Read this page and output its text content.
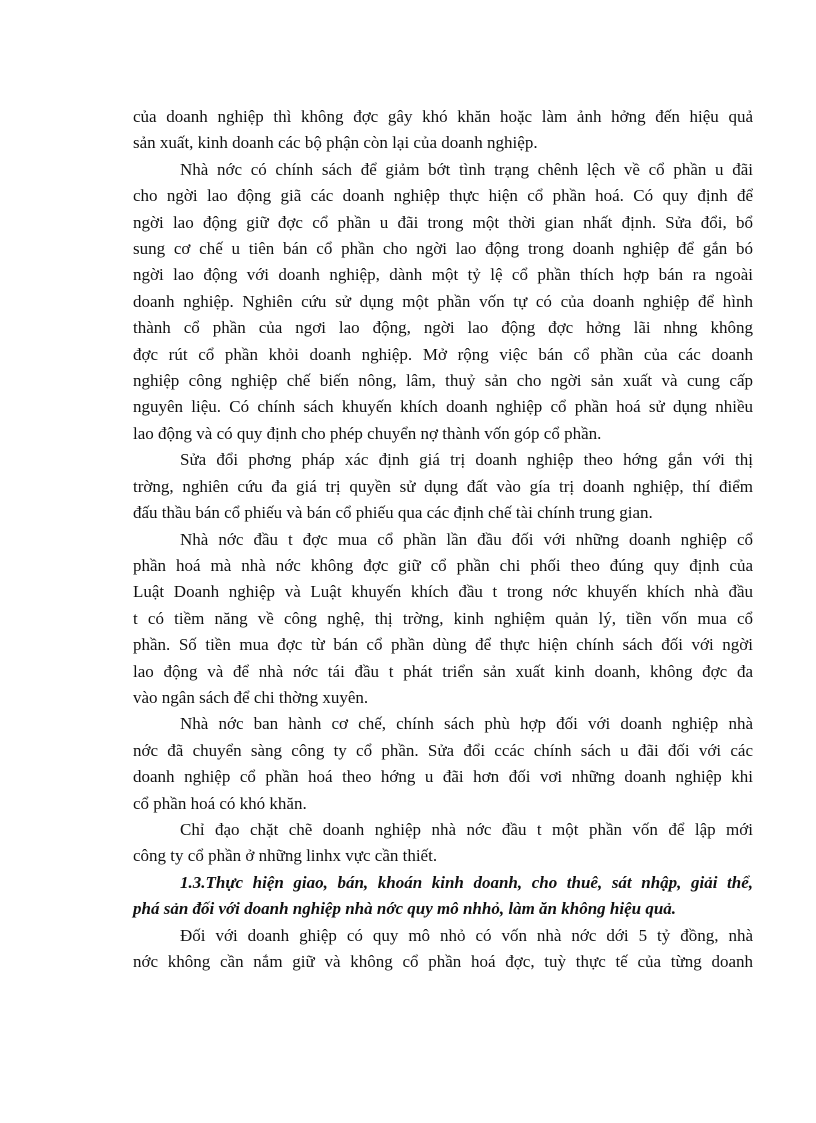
của doanh nghiệp thì không đợc gây khó khăn hoặc làm ảnh hởng đến hiệu quả
sản xuất, kinh doanh các bộ phận còn lại của doanh nghiệp.
Nhà nớc có chính sách để giảm bớt tình trạng chênh lệch về cổ phần u đãi
cho ngời lao động giã các doanh nghiệp thực hiện cổ phần hoá. Có quy định để
ngời lao động giữ đợc cổ phần u đãi trong một thời gian nhất định. Sửa đổi, bổ
sung cơ chế u tiên bán cổ phần cho ngời lao động trong doanh nghiệp để gắn bó
ngời lao động với doanh nghiệp, dành một tỷ lệ cổ phần thích hợp bán ra ngoài
doanh nghiệp. Nghiên cứu sử dụng một phần vốn tự có của doanh nghiệp để hình
thành cổ phần của ngơi lao động, ngời lao động đợc hởng lãi nhng không
đợc rút cổ phần khỏi doanh nghiệp. Mở rộng việc bán cổ phần của các doanh
nghiệp công nghiệp chế biến nông, lâm, thuỷ sản cho ngời sản xuất và cung cấp
nguyên liệu. Có chính sách khuyến khích doanh nghiệp cổ phần hoá sử dụng nhiều
lao động và có quy định cho phép chuyển nợ thành vốn góp cổ phần.
Sửa đổi phơng pháp xác định giá trị doanh nghiệp theo hớng gắn với thị
trờng, nghiên cứu đa giá trị quyền sử dụng đất vào gía trị doanh nghiệp, thí điểm
đấu thầu bán cổ phiếu và bán cổ phiếu qua các định chế tài chính trung gian.
Nhà nớc đầu t đợc mua cổ phần lần đầu đối với những doanh nghiệp cổ
phần hoá mà nhà nớc không đợc giữ cổ phần chi phối theo đúng quy định của
Luật Doanh nghiệp và Luật khuyến khích đầu t trong nớc khuyến khích nhà đầu
t có tiềm năng về công nghệ, thị trờng, kinh nghiệm quản lý, tiền vốn mua cổ
phần. Số tiền mua đợc từ bán cổ phần dùng để thực hiện chính sách đối với ngời
lao động và để nhà nớc tái đầu t phát triển sản xuất kinh doanh, không đợc đa
vào ngân sách để chi thờng xuyên.
Nhà nớc ban hành cơ chế, chính sách phù hợp đối với doanh nghiệp nhà
nớc đã chuyển sàng công ty cổ phần. Sửa đổi ccác chính sách u đãi đối với các
doanh nghiệp cổ phần hoá theo hớng u đãi hơn đối vơi những doanh nghiệp khi
cổ phần hoá có khó khăn.
Chỉ đạo chặt chẽ doanh nghiệp nhà nớc đầu t một phần vốn để lập mới
công ty cổ phần ở những linhx vực cần thiết.
1.3.Thực hiện giao, bán, khoán kinh doanh, cho thuê, sát nhập, giải thể,
phá sản đối với doanh nghiệp nhà nớc quy mô nhhỏ, làm ăn không hiệu quả.
Đối với doanh ghiệp có quy mô nhỏ có vốn nhà nớc dới 5 tỷ đồng, nhà
nớc không cần nắm giữ và không cổ phần hoá đợc, tuỳ thực tế của từng doanh
